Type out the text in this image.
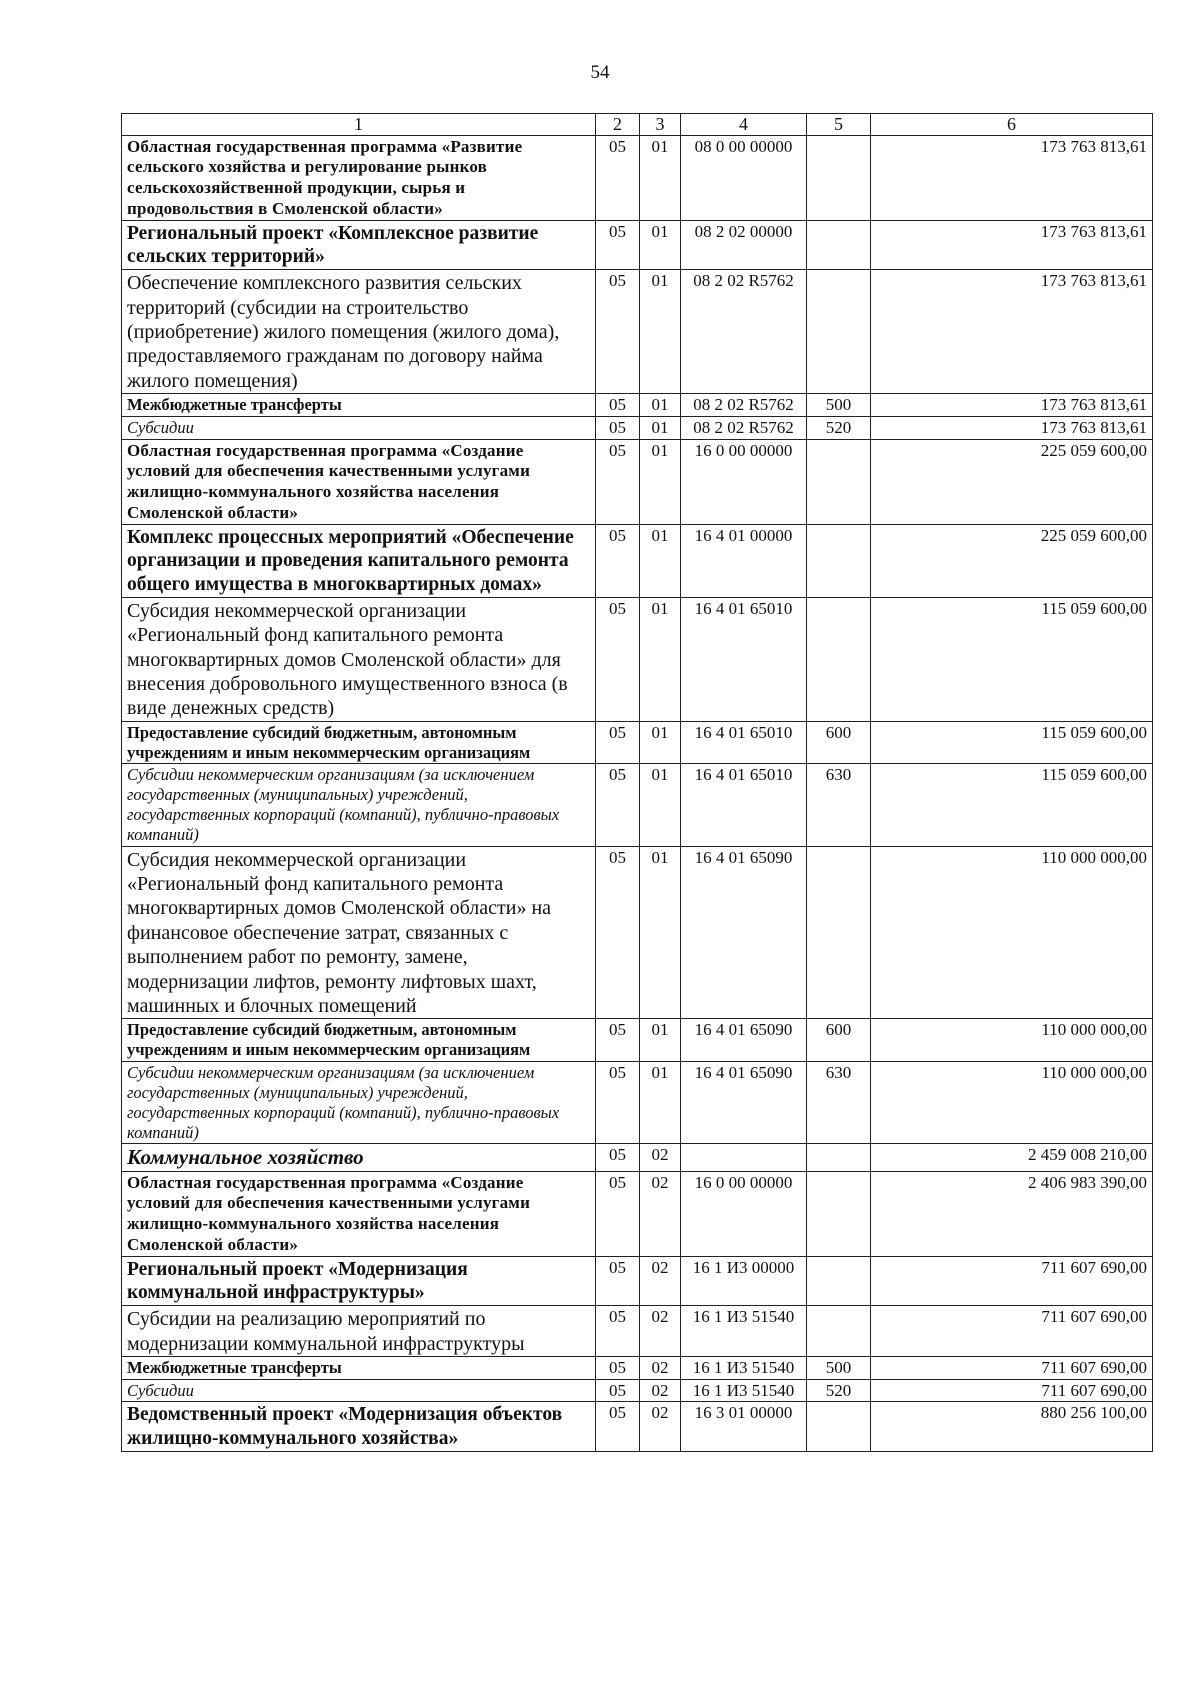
54
1	2	3	4	5	6
Областная государственная программа «Развитие сельского хозяйства и регулирование рынков сельскохозяйственной продукции, сырья и продовольствия в Смоленской области»	05	01	08 0 00 00000		173 763 813,61
Региональный проект «Комплексное развитие сельских территорий»	05	01	08 2 02 00000		173 763 813,61
Обеспечение комплексного развития сельских территорий (субсидии на строительство (приобретение) жилого помещения (жилого дома), предоставляемого гражданам по договору найма жилого помещения)	05	01	08 2 02 R5762		173 763 813,61
Межбюджетные трансферты	05	01	08 2 02 R5762	500	173 763 813,61
Субсидии	05	01	08 2 02 R5762	520	173 763 813,61
Областная государственная программа «Создание условий для обеспечения качественными услугами жилищно-коммунального хозяйства населения Смоленской области»	05	01	16 0 00 00000		225 059 600,00
Комплекс процессных мероприятий «Обеспечение организации и проведения капитального ремонта общего имущества в многоквартирных домах»	05	01	16 4 01 00000		225 059 600,00
Субсидия некоммерческой организации «Региональный фонд капитального ремонта многоквартирных домов Смоленской области» для внесения добровольного имущественного взноса (в виде денежных средств)	05	01	16 4 01 65010		115 059 600,00
Предоставление субсидий бюджетным, автономным учреждениям и иным некоммерческим организациям	05	01	16 4 01 65010	600	115 059 600,00
Субсидии некоммерческим организациям (за исключением государственных (муниципальных) учреждений, государственных корпораций (компаний), публично-правовых компаний)	05	01	16 4 01 65010	630	115 059 600,00
Субсидия некоммерческой организации «Региональный фонд капитального ремонта многоквартирных домов Смоленской области» на финансовое обеспечение затрат, связанных с выполнением работ по ремонту, замене, модернизации лифтов, ремонту лифтовых шахт, машинных и блочных помещений	05	01	16 4 01 65090		110 000 000,00
Предоставление субсидий бюджетным, автономным учреждениям и иным некоммерческим организациям	05	01	16 4 01 65090	600	110 000 000,00
Субсидии некоммерческим организациям (за исключением государственных (муниципальных) учреждений, государственных корпораций (компаний), публично-правовых компаний)	05	01	16 4 01 65090	630	110 000 000,00
Коммунальное хозяйство	05	02			2 459 008 210,00
Областная государственная программа «Создание условий для обеспечения качественными услугами жилищно-коммунального хозяйства населения Смоленской области»	05	02	16 0 00 00000		2 406 983 390,00
Региональный проект «Модернизация коммунальной инфраструктуры»	05	02	16 1 И3 00000		711 607 690,00
Субсидии на реализацию мероприятий по модернизации коммунальной инфраструктуры	05	02	16 1 И3 51540		711 607 690,00
Межбюджетные трансферты	05	02	16 1 И3 51540	500	711 607 690,00
Субсидии	05	02	16 1 И3 51540	520	711 607 690,00
Ведомственный проект «Модернизация объектов жилищно-коммунального хозяйства»	05	02	16 3 01 00000		880 256 100,00
